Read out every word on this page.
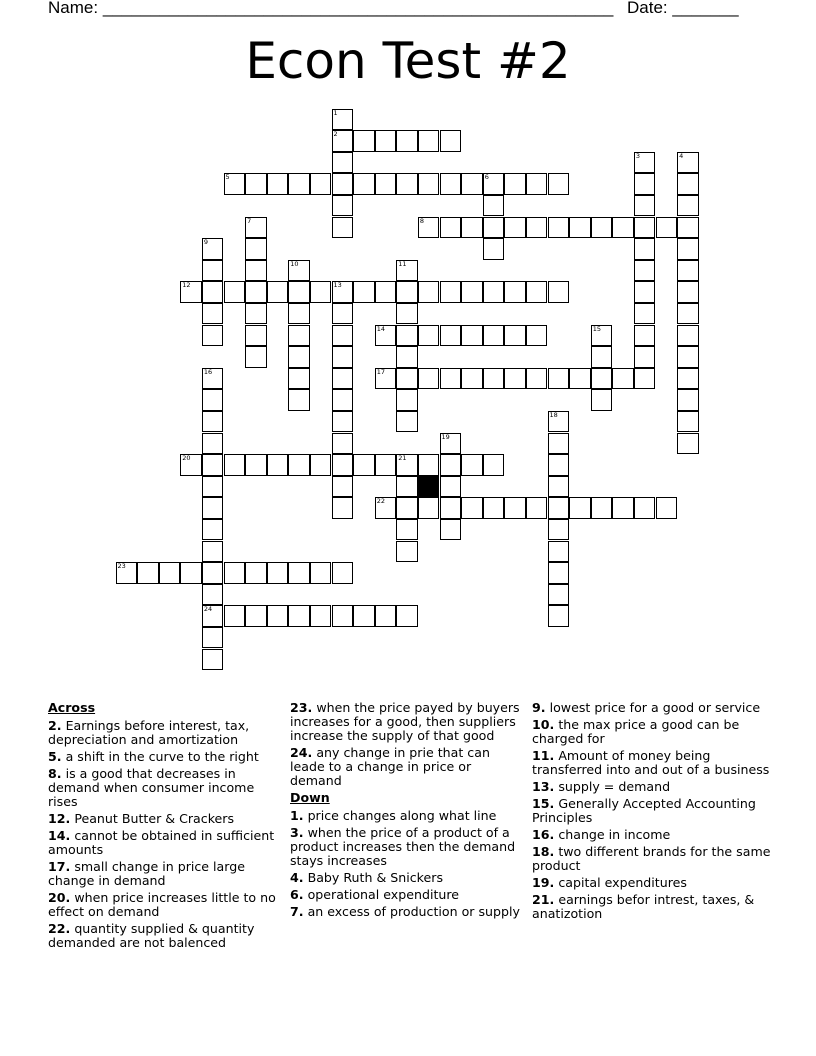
Name: ______________________________________________________ Date: _______
Econ Test #2
1
2
3	4
5	6
7	8
9
10	11
12	13
14	15
16
24
17
18
19
20	21
22
23
Across
2. Earnings before interest, tax, depreciation and amortization
5. a shift in the curve to the right
8. is a good that decreases in demand when consumer income rises
12. Peanut Butter & Crackers
14. cannot be obtained in sufficient amounts
17. small change in price large change in demand
20. when price increases little to no effect on demand
22. quantity supplied & quantity demanded are not balenced
23. when the price payed by buyers increases for a good, then suppliers increase the supply of that good
24. any change in prie that can leade to a change in price or demand
Down
1. price changes along what line
3. when the price of a product of a product increases then the demand stays increases
4. Baby Ruth & Snickers
6. operational expenditure
7. an excess of production or supply
9. lowest price for a good or service
10. the max price a good can be charged for
11. Amount of money being transferred into and out of a business
13. supply = demand
15. Generally Accepted Accounting Principles
16. change in income
18. two different brands for the same product
19. capital expenditures
21. earnings befor intrest, taxes, & anatizotion
